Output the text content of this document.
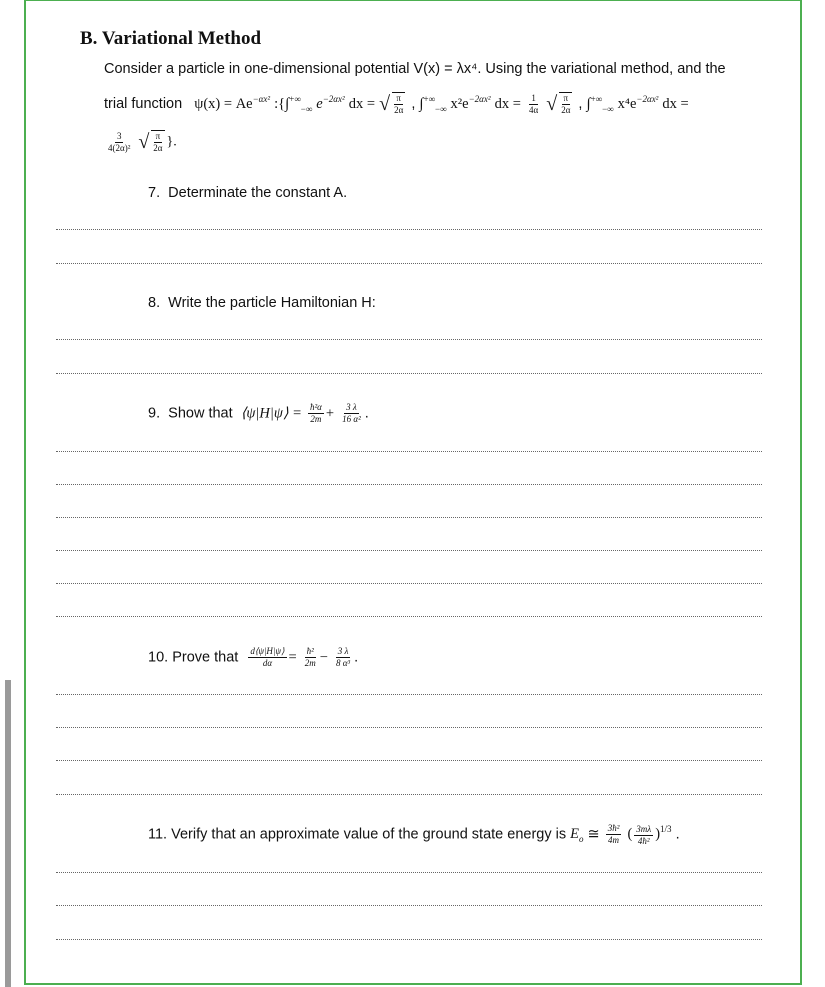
B. Variational Method
Consider a particle in one-dimensional potential V(x) = λx⁴. Using the variational method, and the
trial function $\psi(x) = Ae^{-\alpha x^2}$ $:\{\int^{+\infty}_{-\infty}$ $e^{-2\alpha x^2}$ dx = √ $\frac{\pi}{2\alpha}$ , $\int^{+\infty}_{-\infty}$ $x^2e^{-2\alpha x^2}$ dx = $\frac{1}{4\alpha}$
√ $\frac{\pi}{2\alpha}$ , $\int^{+\infty}_{-\infty}$ $x^4e^{-2\alpha x^2}$ dx =
$\frac{3}{\text{4(2α)²}}$
√ $\frac{\pi}{2\alpha}$ }.
7. Determinate the constant A.
8. Write the particle Hamiltonian H:
9. Show that ⟨ψ|H|ψ⟩ = $\frac{\text{ħ²α}}{2m} + \frac{3 \lambda}{\text{16 α²}}$ .
10. Prove that $\frac{d⟨\psi|H|\psi⟩}{d\alpha} = \frac{\text{ħ²}}{2m} - \frac{3 \lambda}{\text{8 α³}}$ .
11. Verify that an approximate value of the ground state energy is $E_o$ ≅ $\frac{\text{3ħ²}}{4m}$ ( $\frac{3m\lambda}{\text{4ħ²}} )^{1/3}$ .
